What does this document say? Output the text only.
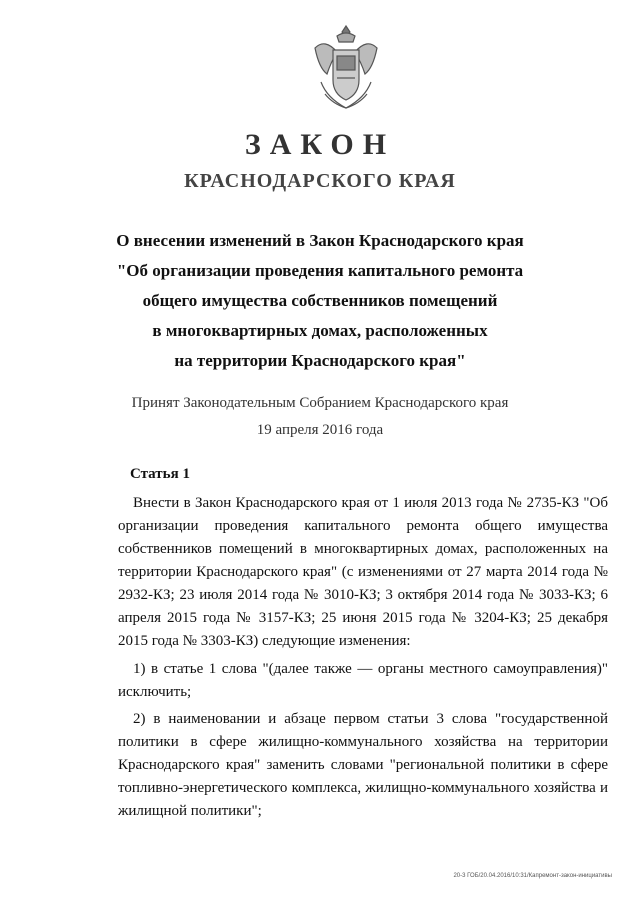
ЗАКОН
КРАСНОДАРСКОГО КРАЯ
О внесении изменений в Закон Краснодарского края
"Об организации проведения капитального ремонта
общего имущества собственников помещений
в многоквартирных домах, расположенных
на территории Краснодарского края"
Принят Законодательным Собранием Краснодарского края
19 апреля 2016 года
Статья 1

Внести в Закон Краснодарского края от 1 июля 2013 года № 2735-КЗ "Об организации проведения капитального ремонта общего имущества собственников помещений в многоквартирных домах, расположенных на территории Краснодарского края" (с изменениями от 27 марта 2014 года № 2932-КЗ; 23 июля 2014 года № 3010-КЗ; 3 октября 2014 года № 3033-КЗ; 6 апреля 2015 года № 3157-КЗ; 25 июня 2015 года № 3204-КЗ; 25 декабря 2015 года № 3303-КЗ) следующие изменения:

1) в статье 1 слова "(далее также — органы местного самоуправления)" исключить;

2) в наименовании и абзаце первом статьи 3 слова "государственной политики в сфере жилищно-коммунального хозяйства на территории Краснодарского края" заменить словами "региональной политики в сфере топливно-энергетического комплекса, жилищно-коммунального хозяйства и жилищной политики";

20-3 ГОБ/20.04.2016/10:31/Капремонт-закон-инициативы
